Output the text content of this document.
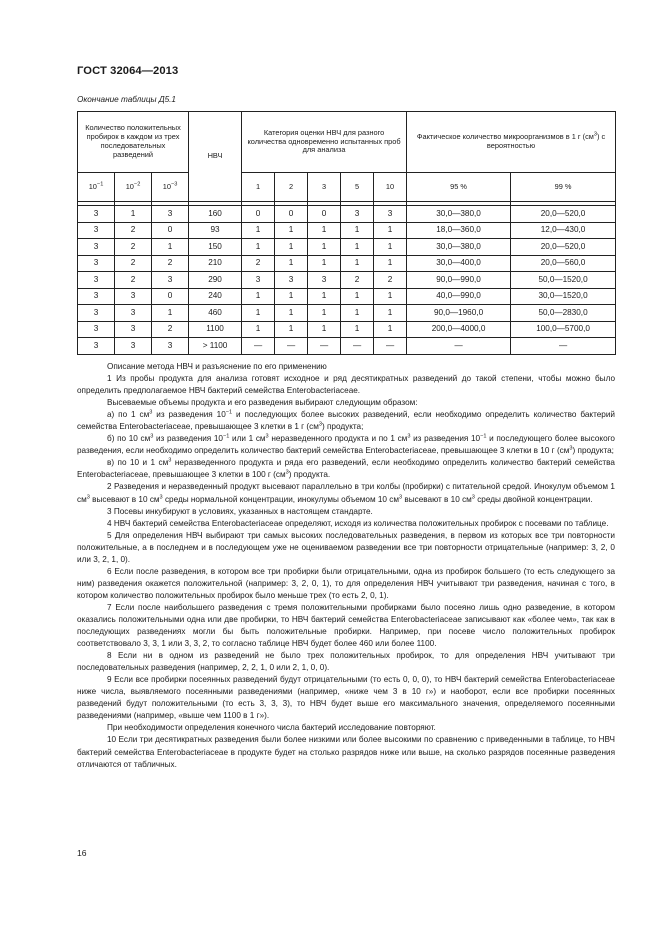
ГОСТ 32064—2013
Окончание таблицы Д5.1
Количество положительных пробирок в каждом из трех последовательных разведений			НВЧ	Категория оценки НВЧ для разного количества одновременно испытанных проб для анализа					Фактическое количество микроорганизмов в 1 г $(см^3)$ с вероятностью	
$10^{-1}$	$10^{-2}$	$10^{-3}$		1	2	3	5	10	95 %	99 %

3	1	3	160	0	0	0	3	3	30,0—380,0	20,0—520,0
3	2	0	93	1	1	1	1	1	18,0—360,0	12,0—430,0
3	2	1	150	1	1	1	1	1	30,0—380,0	20,0—520,0
3	2	2	210	2	1	1	1	1	30,0—400,0	20,0—560,0
3	2	3	290	3	3	3	2	2	90,0—990,0	50,0—1520,0
3	3	0	240	1	1	1	1	1	40,0—990,0	30,0—1520,0
3	3	1	460	1	1	1	1	1	90,0—1960,0	50,0—2830,0
3	3	2	1100	1	1	1	1	1	200,0—4000,0	100,0—5700,0
3	3	3	> 1100	—	—	—	—	—	—	—

Описание метода НВЧ и разъяснение по его применению

1 Из пробы продукта для анализа готовят исходное и ряд десятикратных разведений до такой степени, чтобы можно было определить предполагаемое НВЧ бактерий семейства Enterobacteriaceae.

Высеваемые объемы продукта и его разведения выбирают следующим образом:

а) по 1 $см^3$ из разведения $10^{-1}$ и последующих более высоких разведений, если необходимо определить количество бактерий семейства Enterobacteriaceae, превышающее 3 клетки в 1 г $(см^3)$ продукта;

б) по 10 $см^3$ из разведения $10^{-1}$ или 1 $см^3$ неразведенного продукта и по 1 $см^3$ из разведения $10^{-1}$ и последующего более высокого разведения, если необходимо определить количество бактерий семейства Enterobacteriaceae, превышающее 3 клетки в 10 г $(см^3)$ продукта;

в) по 10 и 1 $см^3$ неразведенного продукта и ряда его разведений, если необходимо определить количество бактерий семейства Enterobacteriaceae, превышающее 3 клетки в 100 г $(см^3)$ продукта.

2 Разведения и неразведенный продукт высевают параллельно в три колбы (пробирки) с питательной средой. Инокулум объемом 1 $см^3$ высевают в 10 $см^3$ среды нормальной концентрации, инокулумы объемом 10 $см^3$ высевают в 10 $см^3$ среды двойной концентрации.

3 Посевы инкубируют в условиях, указанных в настоящем стандарте.

4 НВЧ бактерий семейства Enterobacteriaceae определяют, исходя из количества положительных пробирок с посевами по таблице.

5 Для определения НВЧ выбирают три самых высоких последовательных разведения, в первом из которых все три повторности положительные, а в последнем и в последующем уже не оцениваемом разведении все три повторности отрицательные (например: 3, 2, 0 или 3, 2, 1, 0).

6 Если после разведения, в котором все три пробирки были отрицательными, одна из пробирок большего (то есть следующего за ним) разведения окажется положительной (например: 3, 2, 0, 1), то для определения НВЧ учитывают три разведения, начиная с того, в котором количество положительных пробирок было меньше трех (то есть 2, 0, 1).

7 Если после наибольшего разведения с тремя положительными пробирками было посеяно лишь одно разведение, в котором оказались положительными одна или две пробирки, то НВЧ бактерий семейства Enterobacteriaceae записывают как «более чем», так как в последующих разведениях могли бы быть положительные пробирки. Например, при посеве число положительных пробирок соответствовало 3, 3, 1 или 3, 3, 2, то согласно таблице НВЧ будет более 460 или более 1100.

8 Если ни в одном из разведений не было трех положительных пробирок, то для определения НВЧ учитывают три последовательных разведения (например, 2, 2, 1, 0 или 2, 1, 0, 0).

9 Если все пробирки посеянных разведений будут отрицательными (то есть 0, 0, 0), то НВЧ бактерий семейства Enterobacteriaceae ниже числа, выявляемого посеянными разведениями (например, «ниже чем 3 в 10 г») и наоборот, если все пробирки посеянных разведений будут положительными (то есть 3, 3, 3), то НВЧ будет выше его максимального значения, определяемого посеянными разведениями (например, «выше чем 1100 в 1 г»).

При необходимости определения конечного числа бактерий исследование повторяют.

10 Если три десятикратных разведения были более низкими или более высокими по сравнению с приведенными в таблице, то НВЧ бактерий семейства Enterobacteriaceae в продукте будет на столько разрядов ниже или выше, на сколько разрядов посеянные разведения отличаются от табличных.

16
